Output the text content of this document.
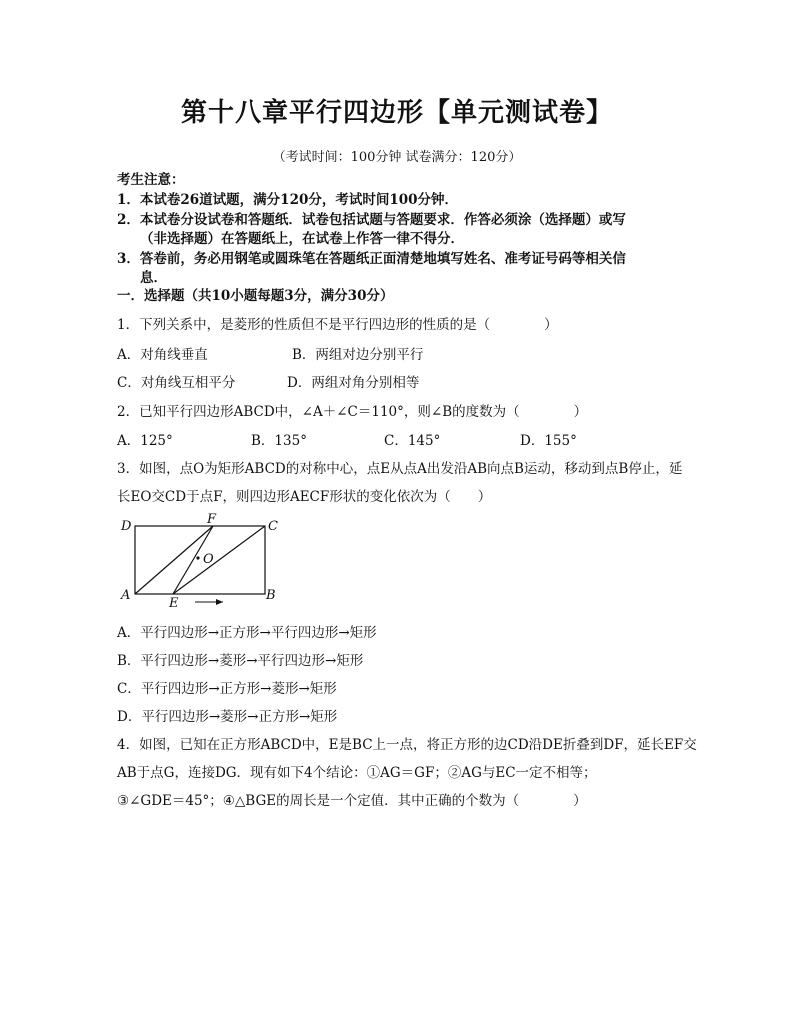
第十八章平行四边形【单元测试卷】
（考试时间：100分钟 试卷满分：120分）
考生注意：
1．本试卷26道试题，满分120分，考试时间100分钟．
2．本试卷分设试卷和答题纸．试卷包括试题与答题要求．作答必须涂（选择题）或写
（非选择题）在答题纸上，在试卷上作答一律不得分．
3．答卷前，务必用钢笔或圆珠笔在答题纸正面清楚地填写姓名、准考证号码等相关信
息．
一．选择题（共10小题每题3分，满分30分）
1．下列关系中，是菱形的性质但不是平行四边形的性质的是（　　　　）
A．对角线垂直	B．两组对边分别平行
C．对角线互相平分	D．两组对角分别相等
2．已知平行四边形ABCD中，∠A＋∠C＝110°，则∠B的度数为（　　　　）
A．125°	B．135°	C．145°	D．155°
3．如图，点O为矩形ABCD的对称中心，点E从点A出发沿AB向点B运动，移动到点B停止，延
长EO交CD于点F，则四边形AECF形状的变化依次为（　　）
D	F	C
O
A
E
B
A．平行四边形→正方形→平行四边形→矩形
B．平行四边形→菱形→平行四边形→矩形
C．平行四边形→正方形→菱形→矩形
D．平行四边形→菱形→正方形→矩形
4．如图，已知在正方形ABCD中，E是BC上一点，将正方形的边CD沿DE折叠到DF，延长EF交
AB于点G，连接DG．现有如下4个结论：①AG＝GF；②AG与EC一定不相等；
③∠GDE＝45°；④△BGE的周长是一个定值．其中正确的个数为（　　　　）
